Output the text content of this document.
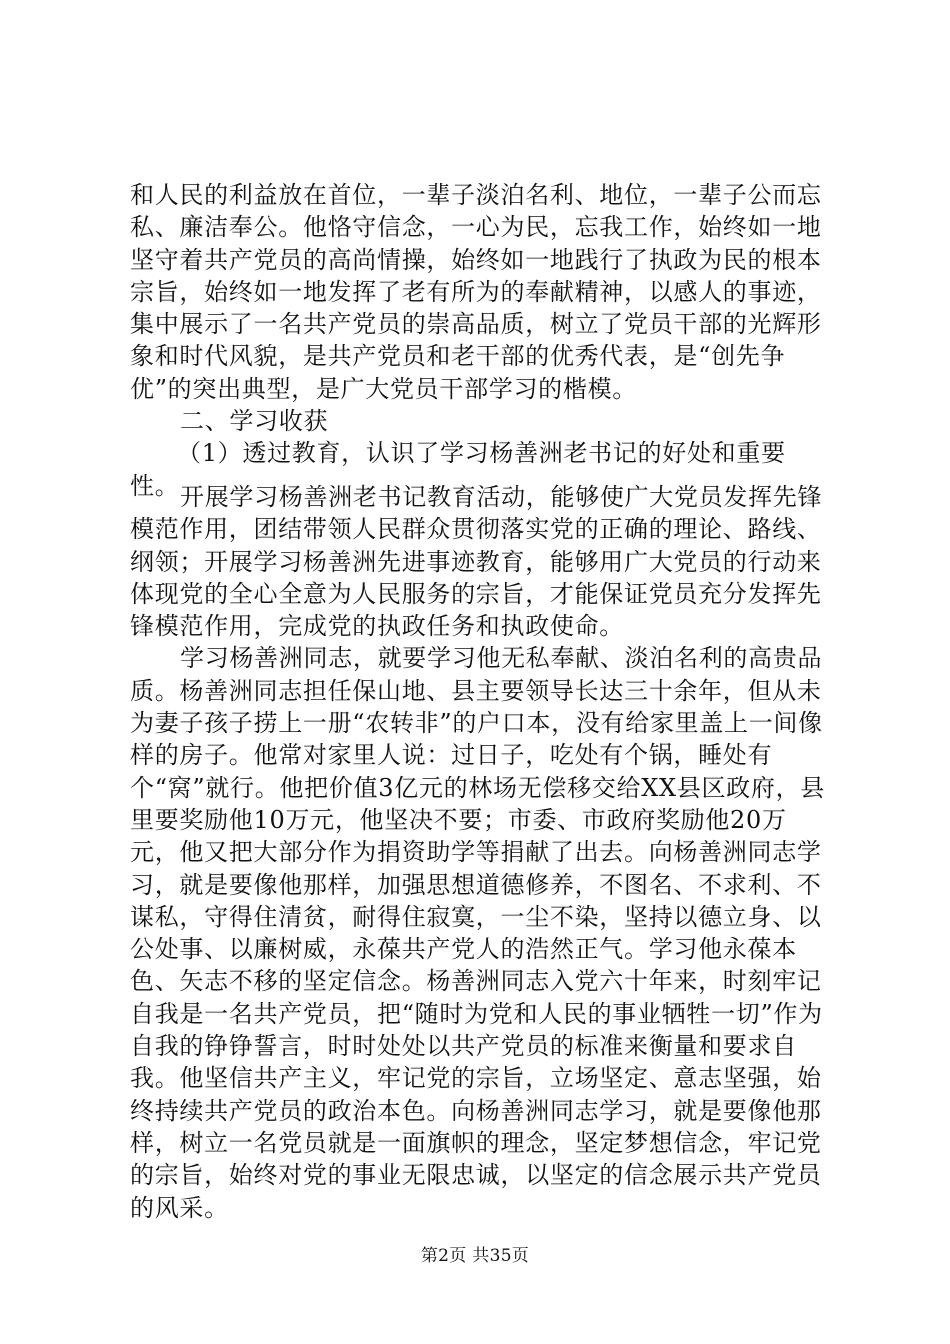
和人民的利益放在首位，一辈子淡泊名利、地位，一辈子公而忘私、廉洁奉公。他恪守信念，一心为民，忘我工作，始终如一地坚守着共产党员的高尚情操，始终如一地践行了执政为民的根本宗旨，始终如一地发挥了老有所为的奉献精神，以感人的事迹，集中展示了一名共产党员的崇高品质，树立了党员干部的光辉形象和时代风貌，是共产党员和老干部的优秀代表，是“创先争优”的突出典型，是广大党员干部学习的楷模。

二、学习收获

（1）透过教育，认识了学习杨善洲老书记的好处和重要性。 开展学习杨善洲老书记教育活动，能够使广大党员发挥先锋模范作用，团结带领人民群众贯彻落实党的正确的理论、路线、纲领；开展学习杨善洲先进事迹教育，能够用广大党员的行动来体现党的全心全意为人民服务的宗旨，才能保证党员充分发挥先锋模范作用，完成党的执政任务和执政使命。

学习杨善洲同志，就要学习他无私奉献、淡泊名利的高贵品质。杨善洲同志担任保山地、县主要领导长达三十余年，但从未为妻子孩子捞上一册“农转非”的户口本，没有给家里盖上一间像样的房子。他常对家里人说：过日子，吃处有个锅，睡处有个“窝”就行。他把价值3亿元的林场无偿移交给XX县区政府，县里要奖励他10万元，他坚决不要；市委、市政府奖励他20万元，他又把大部分作为捐资助学等捐献了出去。向杨善洲同志学习，就是要像他那样，加强思想道德修养，不图名、不求利、不谋私，守得住清贫，耐得住寂寞，一尘不染，坚持以德立身、以公处事、以廉树威，永葆共产党人的浩然正气。学习他永葆本色、矢志不移的坚定信念。杨善洲同志入党六十年来，时刻牢记自我是一名共产党员，把“随时为党和人民的事业牺牲一切”作为自我的铮铮誓言，时时处处以共产党员的标准来衡量和要求自我。他坚信共产主义，牢记党的宗旨，立场坚定、意志坚强，始终持续共产党员的政治本色。向杨善洲同志学习，就是要像他那样，树立一名党员就是一面旗帜的理念，坚定梦想信念，牢记党的宗旨，始终对党的事业无限忠诚，以坚定的信念展示共产党员的风采。

第2页 共35页
